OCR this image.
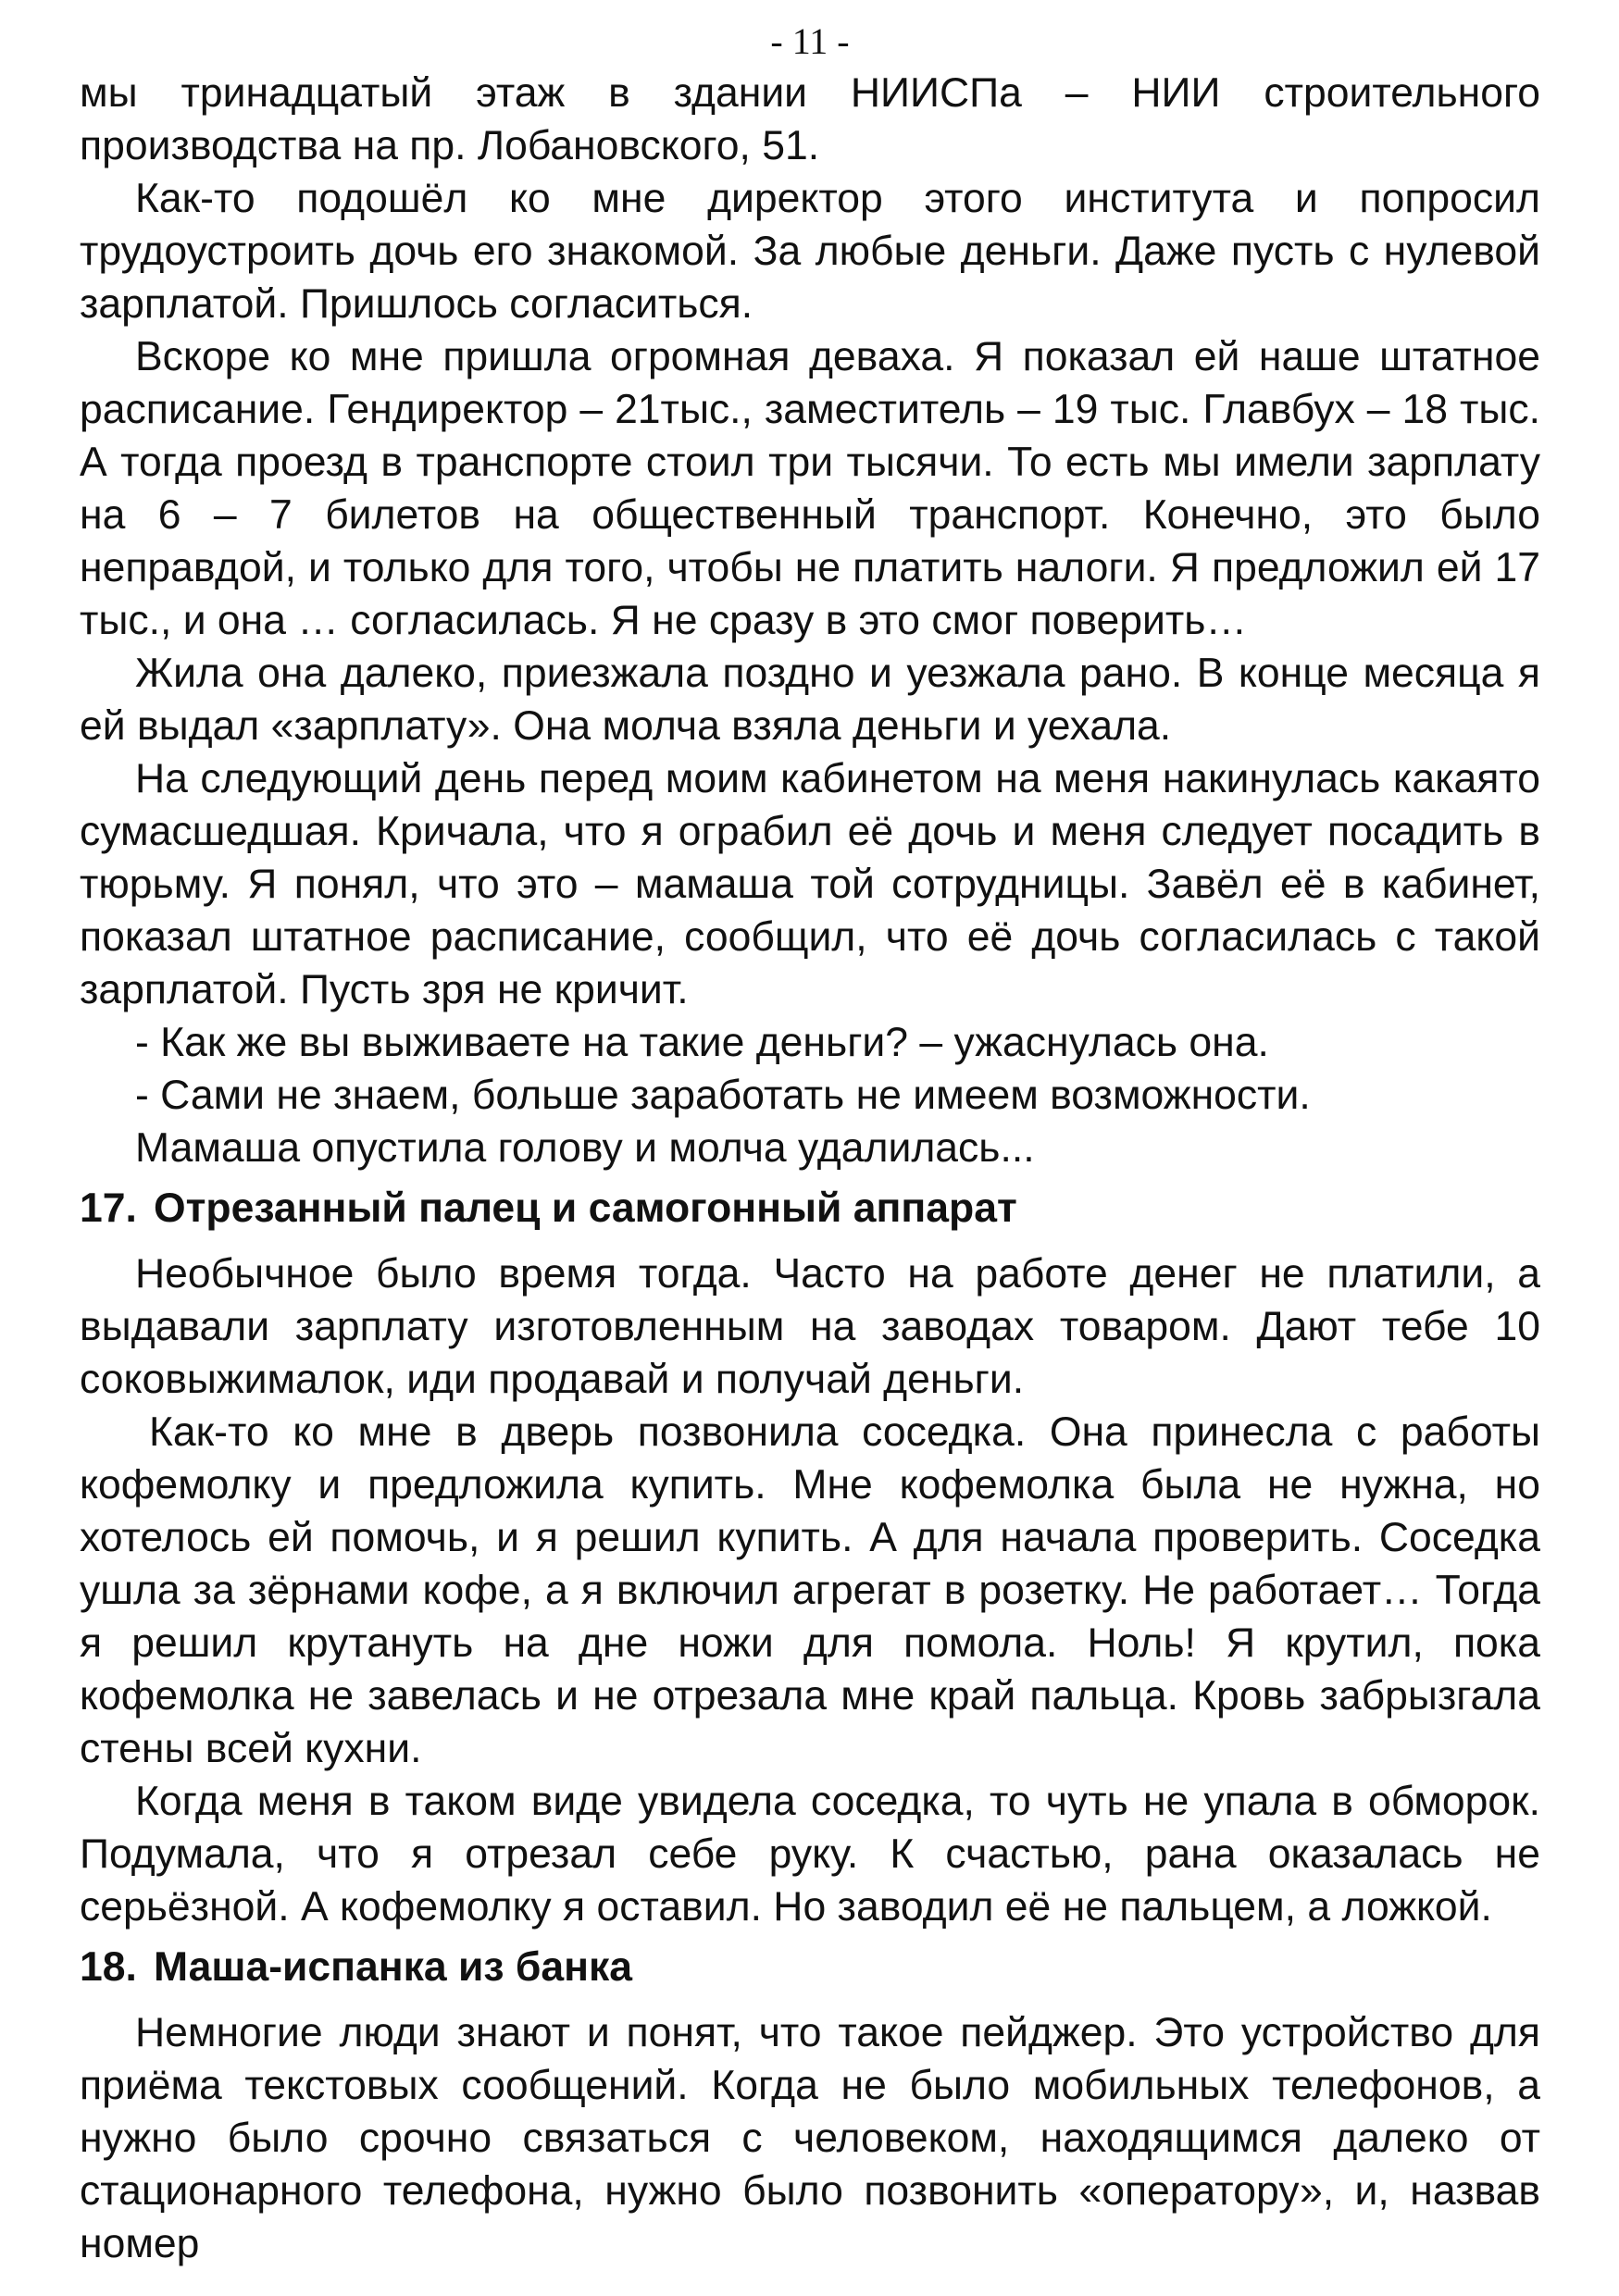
- 11 -

мы тринадцатый этаж в здании НИИСПа – НИИ строительного производства на пр. Лобановского, 51.

Как-то подошёл ко мне директор этого института и попросил трудоустроить дочь его знакомой. За любые деньги. Даже пусть с нулевой зарплатой. Пришлось согласиться.

Вскоре ко мне пришла огромная деваха. Я показал ей наше штатное расписание. Гендиректор – 21тыс., заместитель – 19 тыс. Главбух – 18 тыс. А тогда проезд в транспорте стоил три тысячи. То есть мы имели зарплату на 6 – 7 билетов на общественный транспорт. Конечно, это было неправдой, и только для того, чтобы не платить налоги. Я предложил ей 17 тыс., и она … согласилась. Я не сразу в это смог поверить…

Жила она далеко, приезжала поздно и уезжала рано. В конце месяца я ей выдал «зарплату». Она молча взяла деньги и уехала.

На следующий день перед моим кабинетом на меня накинулась какаято сумасшедшая. Кричала, что я ограбил её дочь и меня следует посадить в тюрьму. Я понял, что это – мамаша той сотрудницы. Завёл её в кабинет, показал штатное расписание, сообщил, что её дочь согласилась с такой зарплатой. Пусть зря не кричит.

- Как же вы выживаете на такие деньги? – ужаснулась она.

- Сами не знаем, больше заработать не имеем возможности.

Мамаша опустила голову и молча удалилась...

17. Отрезанный палец и самогонный аппарат

Необычное было время тогда. Часто на работе денег не платили, а выдавали зарплату изготовленным на заводах товаром. Дают тебе 10 соковыжималок, иди продавай и получай деньги.

Как-то ко мне в дверь позвонила соседка. Она принесла с работы кофемолку и предложила купить. Мне кофемолка была не нужна, но хотелось ей помочь, и я решил купить. А для начала проверить. Соседка ушла за зёрнами кофе, а я включил агрегат в розетку. Не работает… Тогда я решил крутануть на дне ножи для помола. Ноль! Я крутил, пока кофемолка не завелась и не отрезала мне край пальца. Кровь забрызгала стены всей кухни.

Когда меня в таком виде увидела соседка, то чуть не упала в обморок. Подумала, что я отрезал себе руку. К счастью, рана оказалась не серьёзной. А кофемолку я оставил. Но заводил её не пальцем, а ложкой.

18. Маша-испанка из банка

Немногие люди знают и понят, что такое пейджер. Это устройство для приёма текстовых сообщений. Когда не было мобильных телефонов, а нужно было срочно связаться с человеком, находящимся далеко от стационарного телефона, нужно было позвонить «оператору», и, назвав номер
